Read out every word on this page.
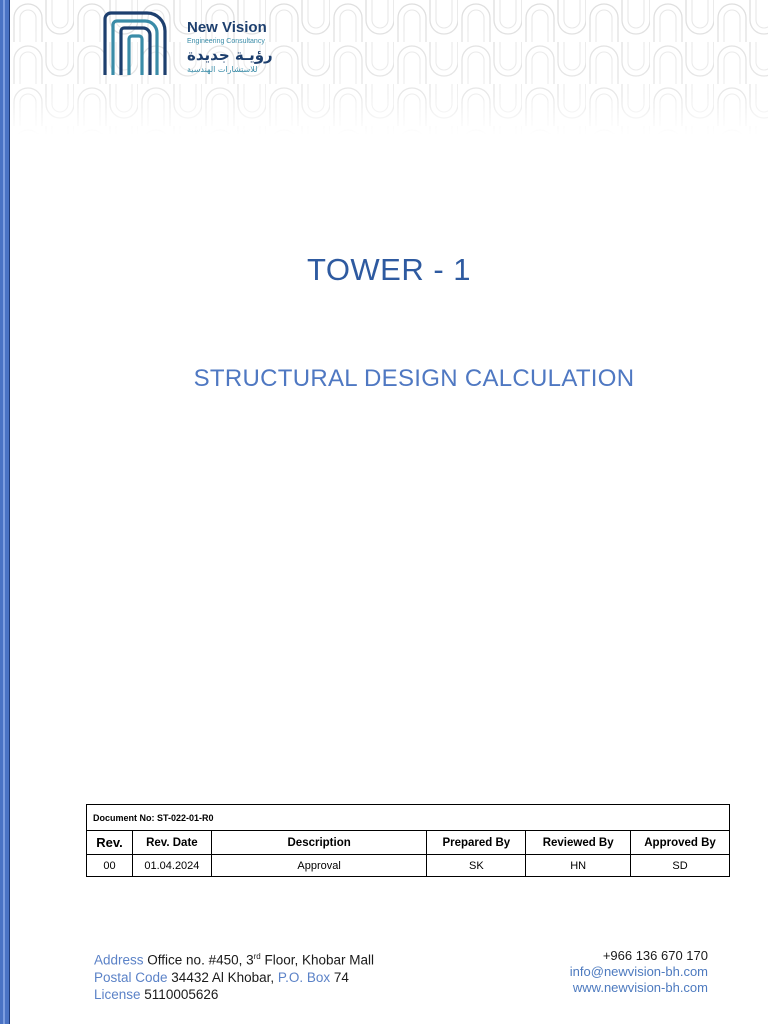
New Vision
Engineering Consultancy
رؤيـة جديدة
للاستشارات الهندسية
TOWER - 1
STRUCTURAL DESIGN CALCULATION
Document No: ST-022-01-R0					
Rev.	Rev. Date	Description	Prepared By	Reviewed By	Approved By
00	01.04.2024	Approval	SK	HN	SD
Address Office no. #450, 3rd Floor, Khobar Mall
Postal Code 34432 Al Khobar, P.O. Box 74
License 5110005626
+966 136 670 170
info@newvision-bh.com
www.newvision-bh.com
